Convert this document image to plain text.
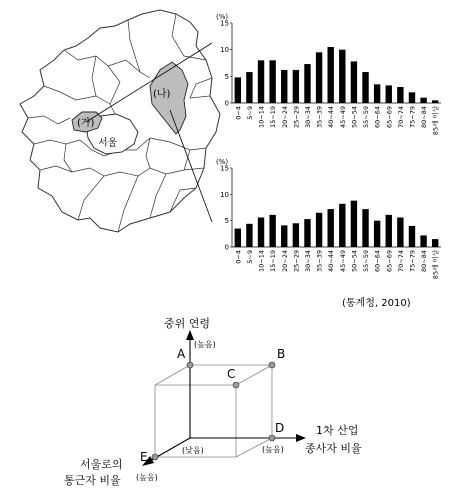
(가)
(나)
서울
(%)
0
5
10
15
0~4 5~9 10~14 15~19 20~24 25~29 30~34 35~39 40~44 45~49 50~54 55~59 60~64 65~69 70~74 75~79 80~84 85세 이상
(%)
0
5
10
15
0~4 5~9 10~14 15~19 20~24 25~29 30~34 35~39 40~44 45~49 50~54 55~59 60~64 65~69 70~74 75~79 80~84 85세 이상
(통계청, 2010)
A	B
C
D
E
중위 연령
(높음)
1차 산업
종사자 비율
(높음)
(낮음)
서울로의
통근자 비율 (높음)
